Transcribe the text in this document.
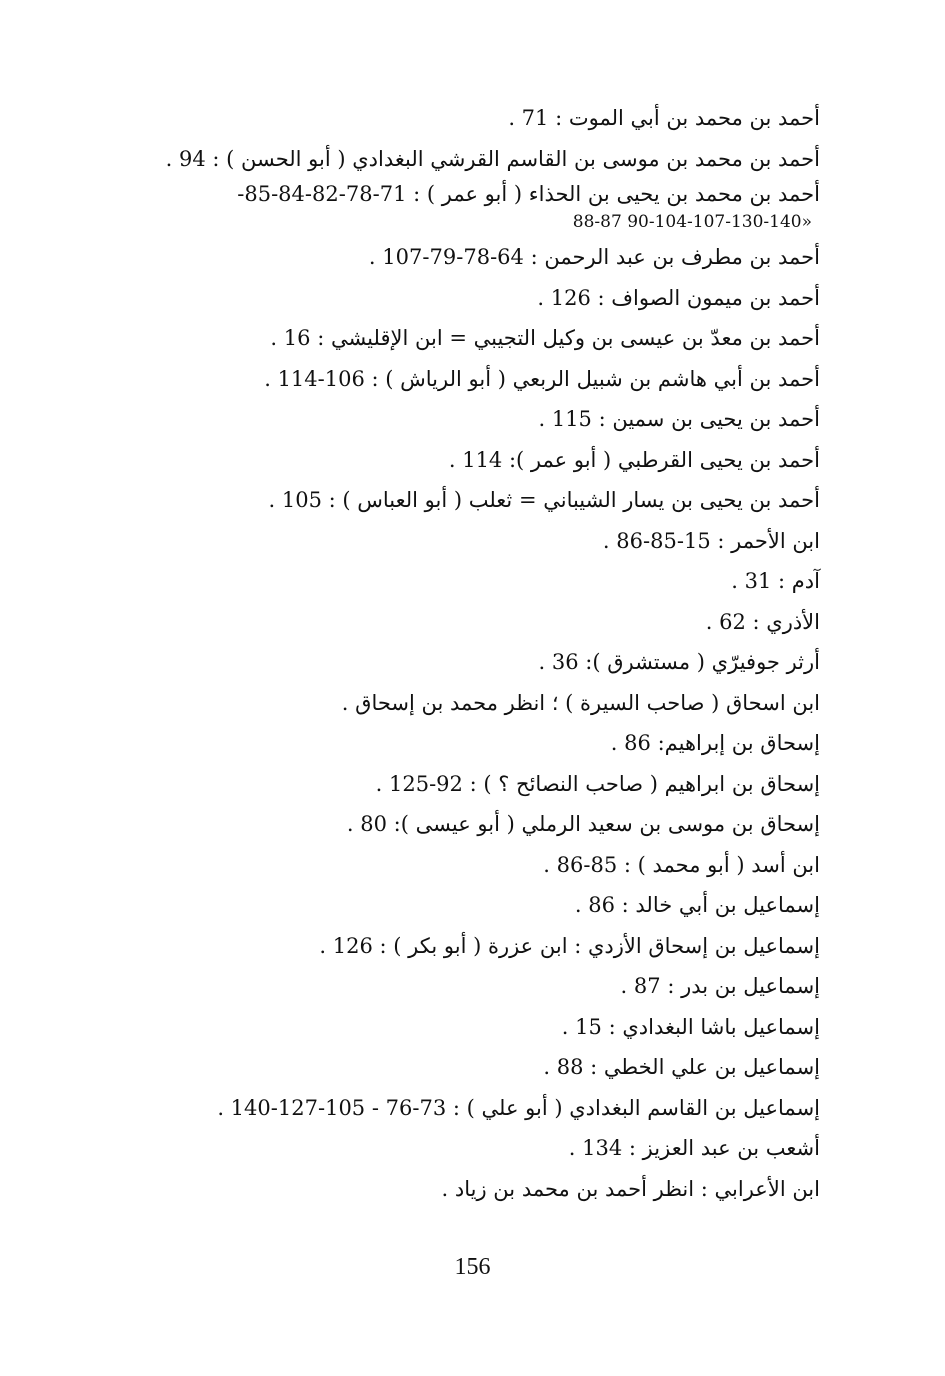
أحمد بن محمد بن أبي الموت : 71 .
أحمد بن محمد بن موسى بن القاسم القرشي البغدادي ( أبو الحسن ) : 94 .
أحمد بن محمد بن يحيى بن الحذاء ( أبو عمر ) : 71-78-82-84-85-
88-87 90-104-107-130-140»
أحمد بن مطرف بن عبد الرحمن : 64-78-79-107 .
أحمد بن ميمون الصواف : 126 .
أحمد بن معدّ بن عيسى بن وكيل التجيبي = ابن الإقليشي : 16 .
أحمد بن أبي هاشم بن شبيل الربعي ( أبو الرياش ) : 106-114 .
أحمد بن يحيى بن سمين : 115 .
أحمد بن يحيى القرطبي ( أبو عمر ): 114 .
أحمد بن يحيى بن يسار الشيباني = ثعلب ( أبو العباس ) : 105 .
ابن الأحمر : 15-85-86 .
آدم : 31 .
الأذري : 62 .
أرثر جوفيرّي ( مستشرق ): 36 .
ابن اسحاق ( صاحب السيرة ) ؛ انظر محمد بن إسحاق .
إسحاق بن إبراهيم: 86 .
إسحاق بن ابراهيم ( صاحب النصائح ؟ ) : 92-125 .
إسحاق بن موسى بن سعيد الرملي ( أبو عيسى ): 80 .
ابن أسد ( أبو محمد ) : 85-86 .
إسماعيل بن أبي خالد : 86 .
إسماعيل بن إسحاق الأزدي : ابن عزرة ( أبو بكر ) : 126 .
إسماعيل بن بدر : 87 .
إسماعيل باشا البغدادي : 15 .
إسماعيل بن علي الخطي : 88 .
إسماعيل بن القاسم البغدادي ( أبو علي ) : 73-76 - 105-127-140 .
أشعب بن عبد العزيز : 134 .
ابن الأعرابي : انظر أحمد بن محمد بن زياد .
156
